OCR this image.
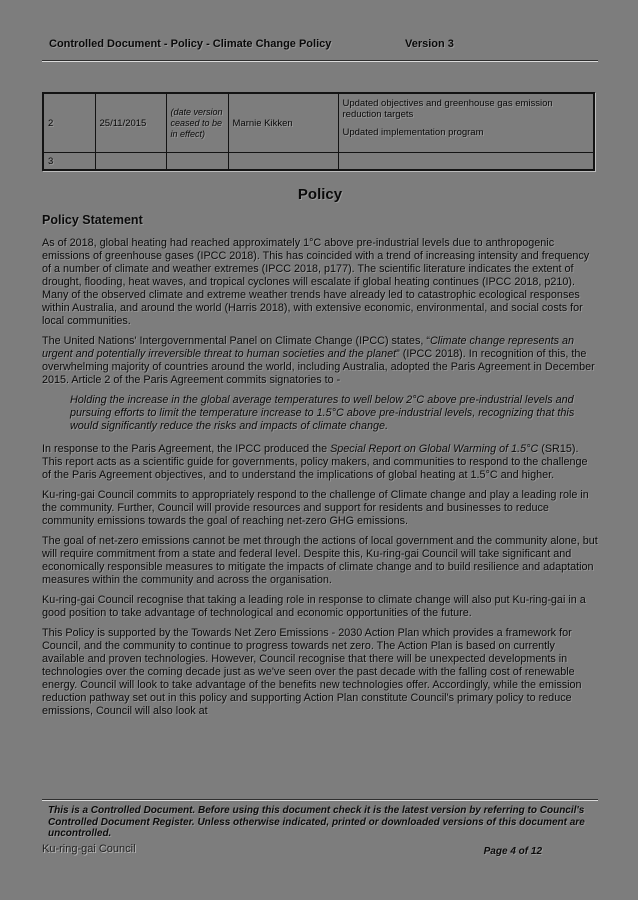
Controlled Document - Policy - Climate Change Policy	Version 3
2	25/11/2015	(date version ceased to be in effect)	Marnie Kikken	Updated objectives and greenhouse gas emission reduction targets
Updated implementation program

3				
Policy
Policy Statement

As of 2018, global heating had reached approximately 1°C above pre-industrial levels due to anthropogenic emissions of greenhouse gases (IPCC 2018). This has coincided with a trend of increasing intensity and frequency of a number of climate and weather extremes (IPCC 2018, p177). The scientific literature indicates the extent of drought, flooding, heat waves, and tropical cyclones will escalate if global heating continues (IPCC 2018, p210). Many of the observed climate and extreme weather trends have already led to catastrophic ecological responses within Australia, and around the world (Harris 2018), with extensive economic, environmental, and social costs for local communities.

The United Nations' Intergovernmental Panel on Climate Change (IPCC) states, “Climate change represents an urgent and potentially irreversible threat to human societies and the planet” (IPCC 2018). In recognition of this, the overwhelming majority of countries around the world, including Australia, adopted the Paris Agreement in December 2015. Article 2 of the Paris Agreement commits signatories to -

Holding the increase in the global average temperatures to well below 2°C above pre-industrial levels and pursuing efforts to limit the temperature increase to 1.5°C above pre-industrial levels, recognizing that this would significantly reduce the risks and impacts of climate change.

In response to the Paris Agreement, the IPCC produced the Special Report on Global Warming of 1.5°C (SR15). This report acts as a scientific guide for governments, policy makers, and communities to respond to the challenge of the Paris Agreement objectives, and to understand the implications of global heating at 1.5°C and higher.

Ku-ring-gai Council commits to appropriately respond to the challenge of Climate change and play a leading role in the community. Further, Council will provide resources and support for residents and businesses to reduce community emissions towards the goal of reaching net-zero GHG emissions.

The goal of net-zero emissions cannot be met through the actions of local government and the community alone, but will require commitment from a state and federal level. Despite this, Ku-ring-gai Council will take significant and economically responsible measures to mitigate the impacts of climate change and to build resilience and adaptation measures within the community and across the organisation.

Ku-ring-gai Council recognise that taking a leading role in response to climate change will also put Ku-ring-gai in a good position to take advantage of technological and economic opportunities of the future.

This Policy is supported by the Towards Net Zero Emissions - 2030 Action Plan which provides a framework for Council, and the community to continue to progress towards net zero. The Action Plan is based on currently available and proven technologies. However, Council recognise that there will be unexpected developments in technologies over the coming decade just as we've seen over the past decade with the falling cost of renewable energy. Council will look to take advantage of the benefits new technologies offer. Accordingly, while the emission reduction pathway set out in this policy and supporting Action Plan constitute Council's primary policy to reduce emissions, Council will also look at

This is a Controlled Document. Before using this document check it is the latest version by referring to Council's Controlled Document Register. Unless otherwise indicated, printed or downloaded versions of this document are uncontrolled.
Ku-ring-gai Council	Page 4 of 12
